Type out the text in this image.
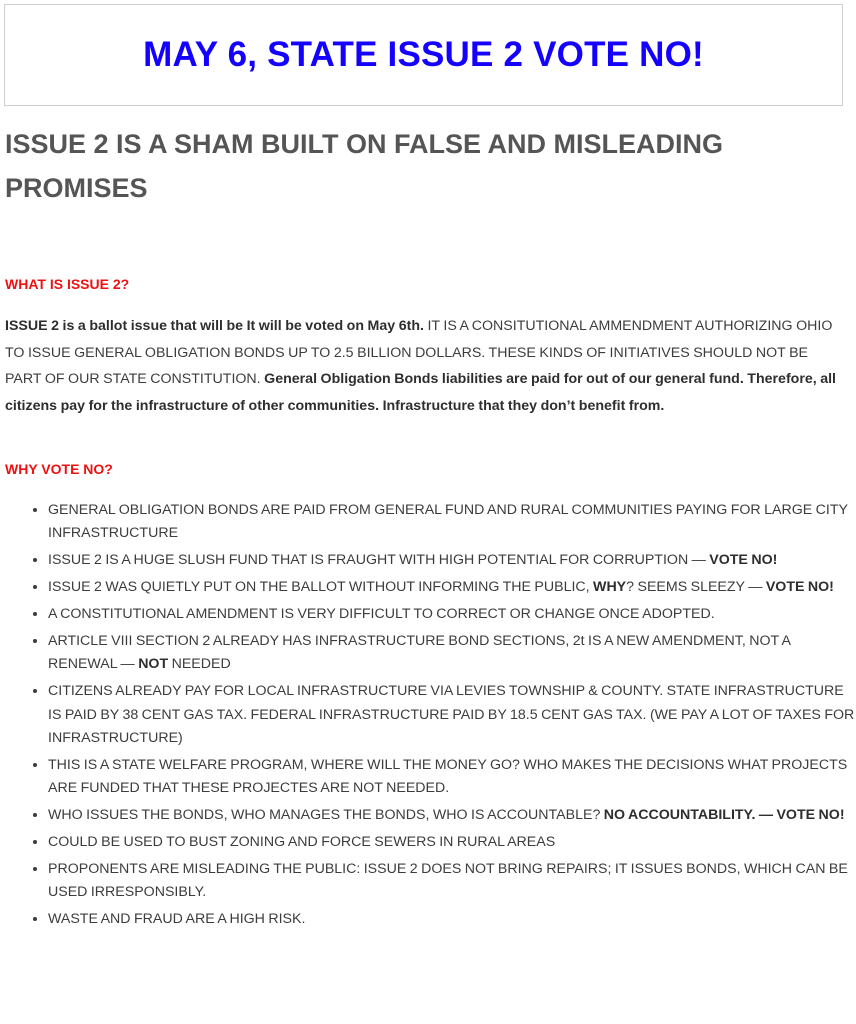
MAY 6, STATE ISSUE 2 VOTE NO!
ISSUE 2 IS A SHAM BUILT ON FALSE AND MISLEADING PROMISES
WHAT IS ISSUE 2?

ISSUE 2 is a ballot issue that will be It will be voted on May 6th. IT IS A CONSITUTIONAL AMMENDMENT AUTHORIZING OHIO TO ISSUE GENERAL OBLIGATION BONDS UP TO 2.5 BILLION DOLLARS. THESE KINDS OF INITIATIVES SHOULD NOT BE PART OF OUR STATE CONSTITUTION. General Obligation Bonds liabilities are paid for out of our general fund. Therefore, all citizens pay for the infrastructure of other communities. Infrastructure that they don’t benefit from.

WHY VOTE NO?
• GENERAL OBLIGATION BONDS ARE PAID FROM GENERAL FUND AND RURAL COMMUNITIES PAYING FOR LARGE CITY INFRASTRUCTURE
• ISSUE 2 IS A HUGE SLUSH FUND THAT IS FRAUGHT WITH HIGH POTENTIAL FOR CORRUPTION — VOTE NO!
• ISSUE 2 WAS QUIETLY PUT ON THE BALLOT WITHOUT INFORMING THE PUBLIC, WHY? SEEMS SLEEZY — VOTE NO!
• A CONSTITUTIONAL AMENDMENT IS VERY DIFFICULT TO CORRECT OR CHANGE ONCE ADOPTED.
• ARTICLE VIII SECTION 2 ALREADY HAS INFRASTRUCTURE BOND SECTIONS, 2t IS A NEW AMENDMENT, NOT A RENEWAL — NOT NEEDED
• CITIZENS ALREADY PAY FOR LOCAL INFRASTRUCTURE VIA LEVIES TOWNSHIP & COUNTY. STATE INFRASTRUCTURE IS PAID BY 38 CENT GAS TAX. FEDERAL INFRASTRUCTURE PAID BY 18.5 CENT GAS TAX. (WE PAY A LOT OF TAXES FOR INFRASTRUCTURE)
• THIS IS A STATE WELFARE PROGRAM, WHERE WILL THE MONEY GO? WHO MAKES THE DECISIONS WHAT PROJECTS ARE FUNDED THAT THESE PROJECTES ARE NOT NEEDED.
• WHO ISSUES THE BONDS, WHO MANAGES THE BONDS, WHO IS ACCOUNTABLE? NO ACCOUNTABILITY. — VOTE NO!
• COULD BE USED TO BUST ZONING AND FORCE SEWERS IN RURAL AREAS
• PROPONENTS ARE MISLEADING THE PUBLIC: ISSUE 2 DOES NOT BRING REPAIRS; IT ISSUES BONDS, WHICH CAN BE USED IRRESPONSIBLY.
• WASTE AND FRAUD ARE A HIGH RISK.
